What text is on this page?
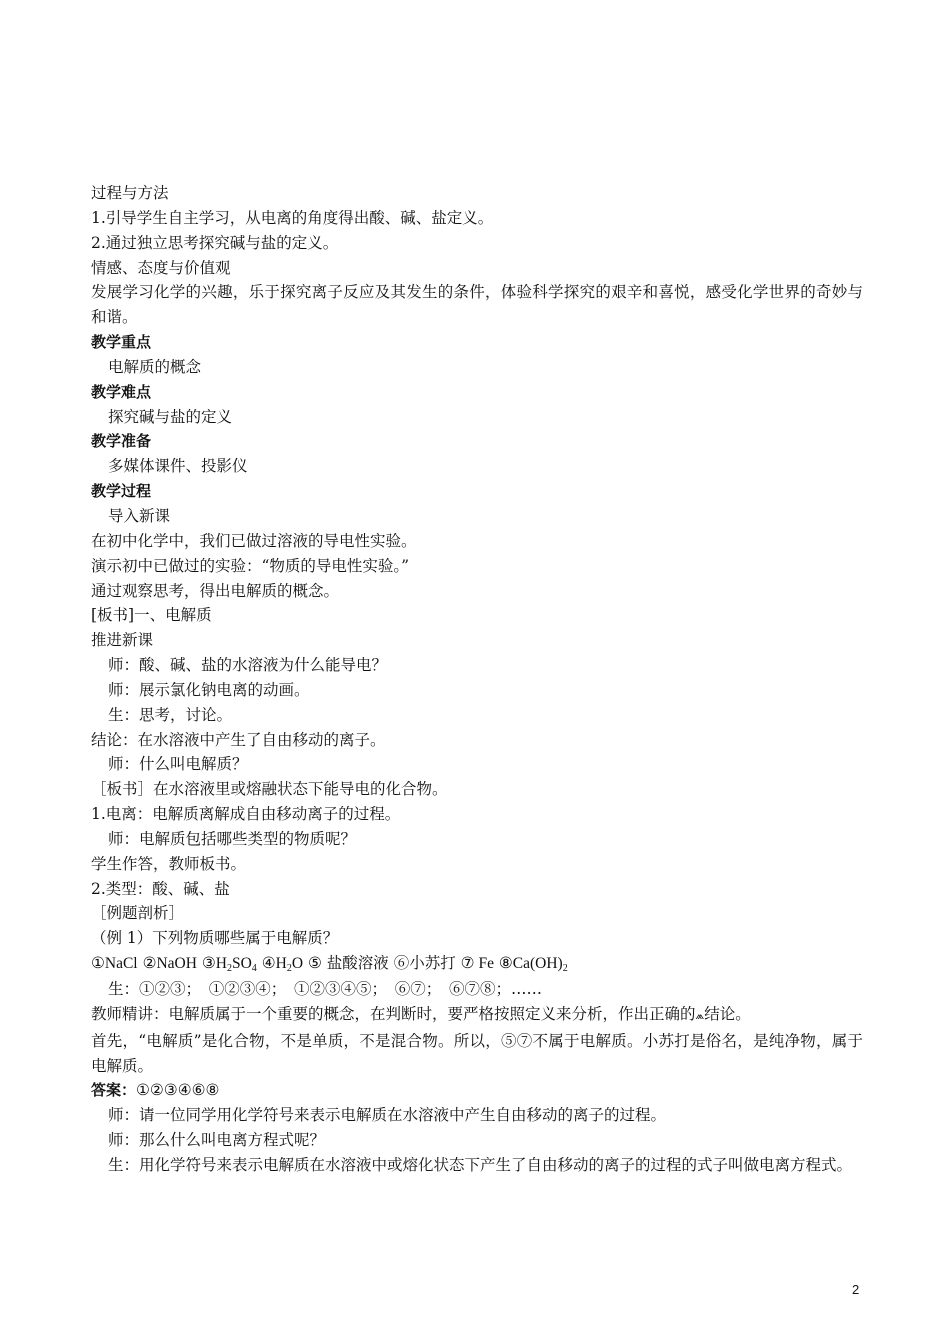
过程与方法
1.引导学生自主学习，从电离的角度得出酸、碱、盐定义。
2.通过独立思考探究碱与盐的定义。
情感、态度与价值观
发展学习化学的兴趣，乐于探究离子反应及其发生的条件，体验科学探究的艰辛和喜悦，感受化学世界的奇妙与和谐。
教学重点
电解质的概念
教学难点
探究碱与盐的定义
教学准备
多媒体课件、投影仪
教学过程
导入新课
在初中化学中，我们已做过溶液的导电性实验。
演示初中已做过的实验：“物质的导电性实验。”
通过观察思考，得出电解质的概念。
[板书]一、电解质
推进新课
师：酸、碱、盐的水溶液为什么能导电？
师：展示氯化钠电离的动画。
生：思考，讨论。
结论：在水溶液中产生了自由移动的离子。
师：什么叫电解质？
［板书］在水溶液里或熔融状态下能导电的化合物。
1.电离：电解质离解成自由移动离子的过程。
师：电解质包括哪些类型的物质呢？
学生作答，教师板书。
2.类型：酸、碱、盐
［例题剖析］
（例 1）下列物质哪些属于电解质？
①NaCl ②NaOH $③H_2SO_4$ $④H_2O$ ⑤ 盐酸溶液 ⑥小苏打 ⑦ Fe $⑧Ca(OH)_2$
生：①②③；　①②③④；　①②③④⑤；　⑥⑦；　⑥⑦⑧；……
教师精讲：电解质属于一个重要的概念，在判断时，要严格按照定义来分析，作出正确的⩕结论。
首先，“电解质”是化合物，不是单质，不是混合物。所以，⑤⑦不属于电解质。小苏打是俗名，是纯净物，属于电解质。
答案：①②③④⑥⑧
师：请一位同学用化学符号来表示电解质在水溶液中产生自由移动的离子的过程。
师：那么什么叫电离方程式呢？
生：用化学符号来表示电解质在水溶液中或熔化状态下产生了自由移动的离子的过程的式子叫做电离方程式。
2
